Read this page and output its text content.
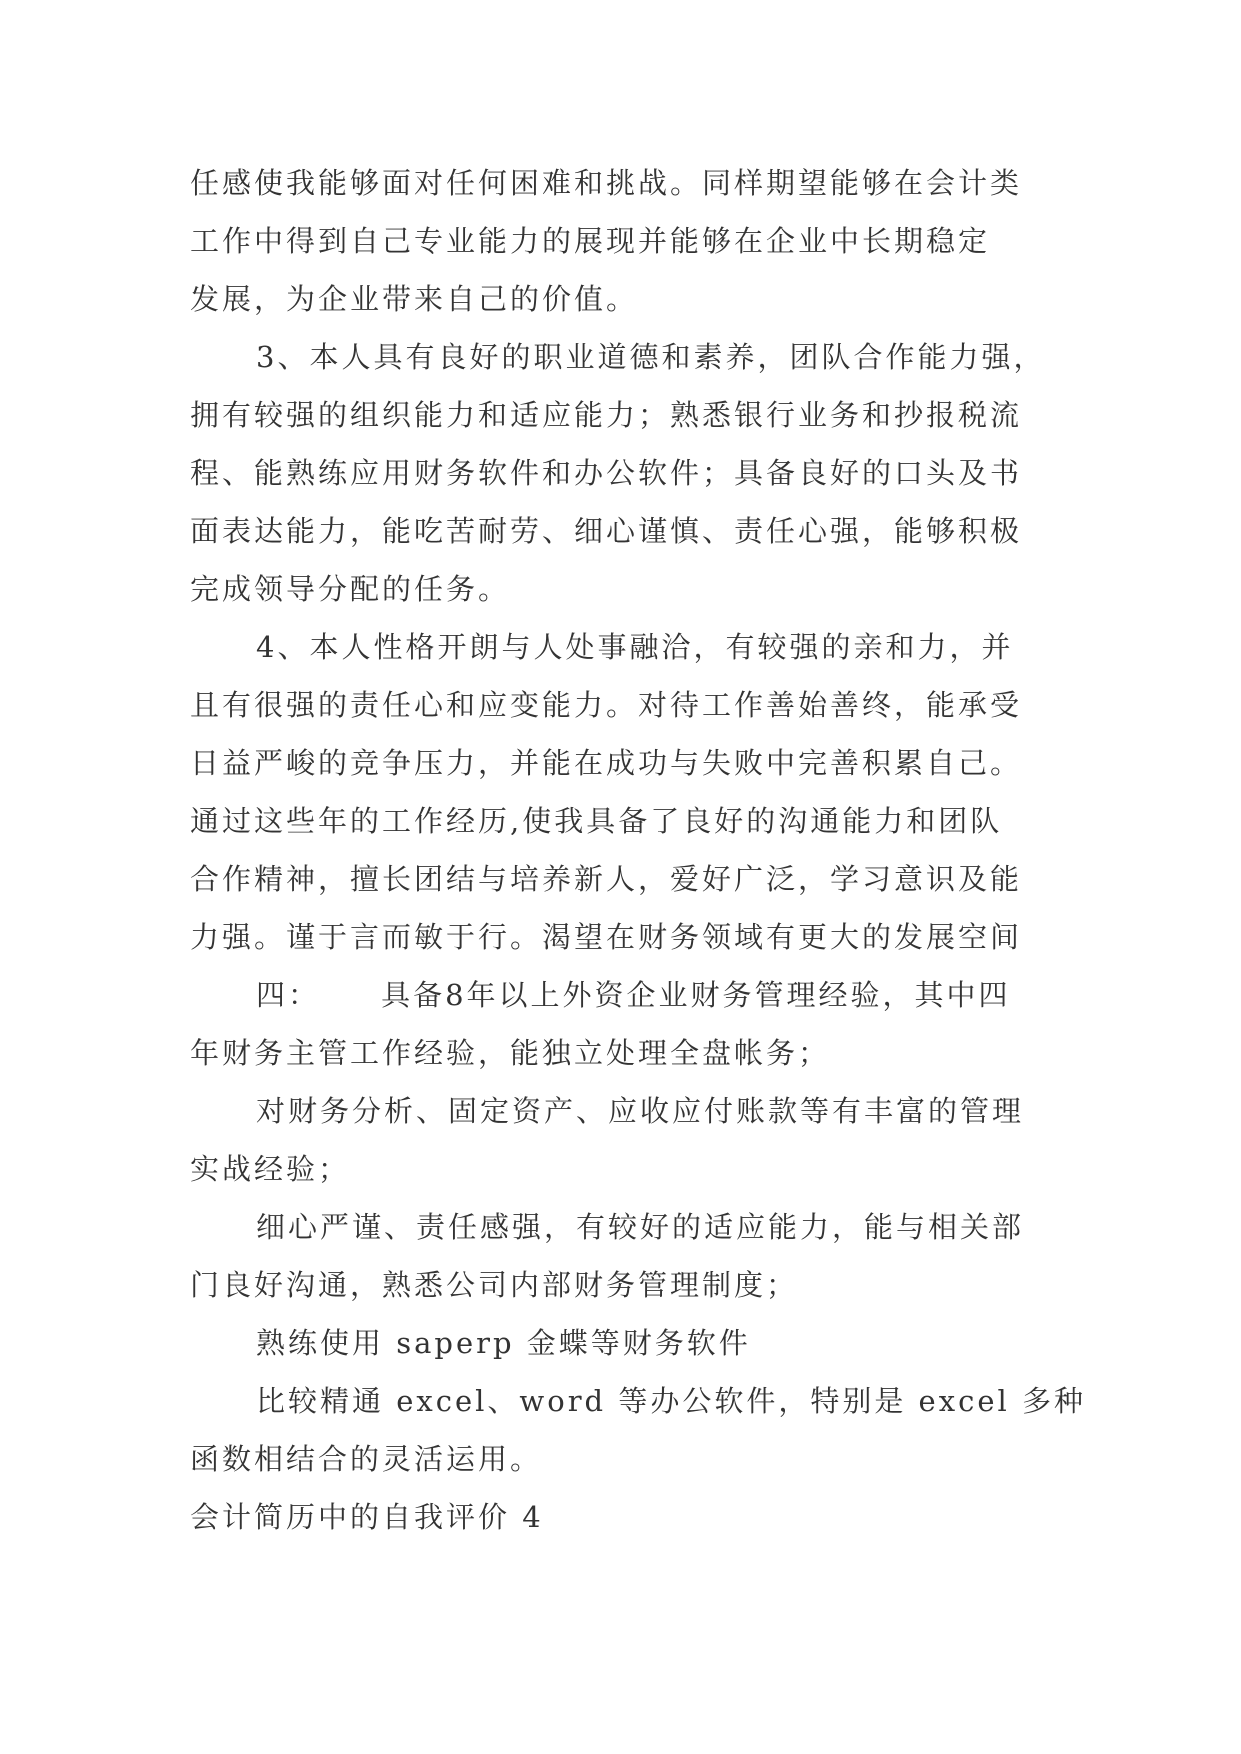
任感使我能够面对任何困难和挑战。同样期望能够在会计类
工作中得到自己专业能力的展现并能够在企业中长期稳定
发展，为企业带来自己的价值。
3、本人具有良好的职业道德和素养，团队合作能力强，
拥有较强的组织能力和适应能力；熟悉银行业务和抄报税流
程、能熟练应用财务软件和办公软件；具备良好的口头及书
面表达能力，能吃苦耐劳、细心谨慎、责任心强，能够积极
完成领导分配的任务。
4、本人性格开朗与人处事融洽，有较强的亲和力，并
且有很强的责任心和应变能力。对待工作善始善终，能承受
日益严峻的竞争压力，并能在成功与失败中完善积累自己。
通过这些年的工作经历,使我具备了良好的沟通能力和团队
合作精神，擅长团结与培养新人，爱好广泛，学习意识及能
力强。谨于言而敏于行。渴望在财务领域有更大的发展空间
四：     具备8年以上外资企业财务管理经验，其中四
年财务主管工作经验，能独立处理全盘帐务；
对财务分析、固定资产、应收应付账款等有丰富的管理
实战经验；
细心严谨、责任感强，有较好的适应能力，能与相关部
门良好沟通，熟悉公司内部财务管理制度；
熟练使用 saperp 金蝶等财务软件
比较精通 excel、word 等办公软件，特别是 excel 多种
函数相结合的灵活运用。
会计简历中的自我评价 4
